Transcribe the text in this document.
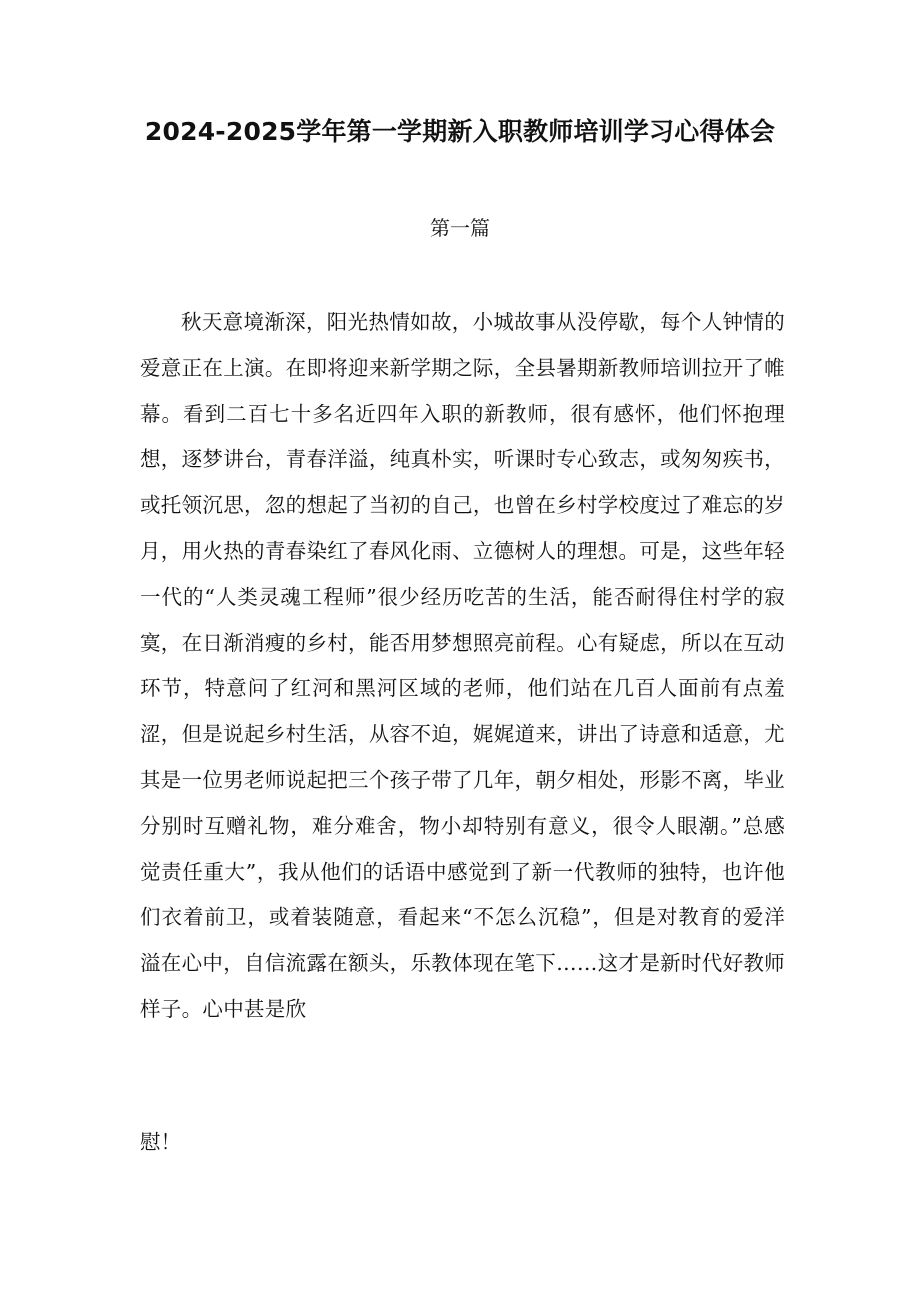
2024-2025学年第一学期新入职教师培训学习心得体会
第一篇

秋天意境渐深，阳光热情如故，小城故事从没停歇，每个人钟情的爱意正在上演。在即将迎来新学期之际，全县暑期新教师培训拉开了帷幕。看到二百七十多名近四年入职的新教师，很有感怀，他们怀抱理想，逐梦讲台，青春洋溢，纯真朴实，听课时专心致志，或匆匆疾书，或托领沉思，忽的想起了当初的自己，也曾在乡村学校度过了难忘的岁月，用火热的青春染红了春风化雨、立德树人的理想。可是，这些年轻一代的“人类灵魂工程师”很少经历吃苦的生活，能否耐得住村学的寂寞，在日渐消瘦的乡村，能否用梦想照亮前程。心有疑虑，所以在互动环节，特意问了红河和黑河区域的老师，他们站在几百人面前有点羞涩，但是说起乡村生活，从容不迫，娓娓道来，讲出了诗意和适意，尤其是一位男老师说起把三个孩子带了几年，朝夕相处，形影不离，毕业分别时互赠礼物，难分难舍，物小却特别有意义，很令人眼潮。”总感觉责任重大”，我从他们的话语中感觉到了新一代教师的独特，也许他们衣着前卫，或着装随意，看起来“不怎么沉稳”，但是对教育的爱洋溢在心中，自信流露在额头，乐教体现在笔下……这才是新时代好教师样子。心中甚是欣

慰！
